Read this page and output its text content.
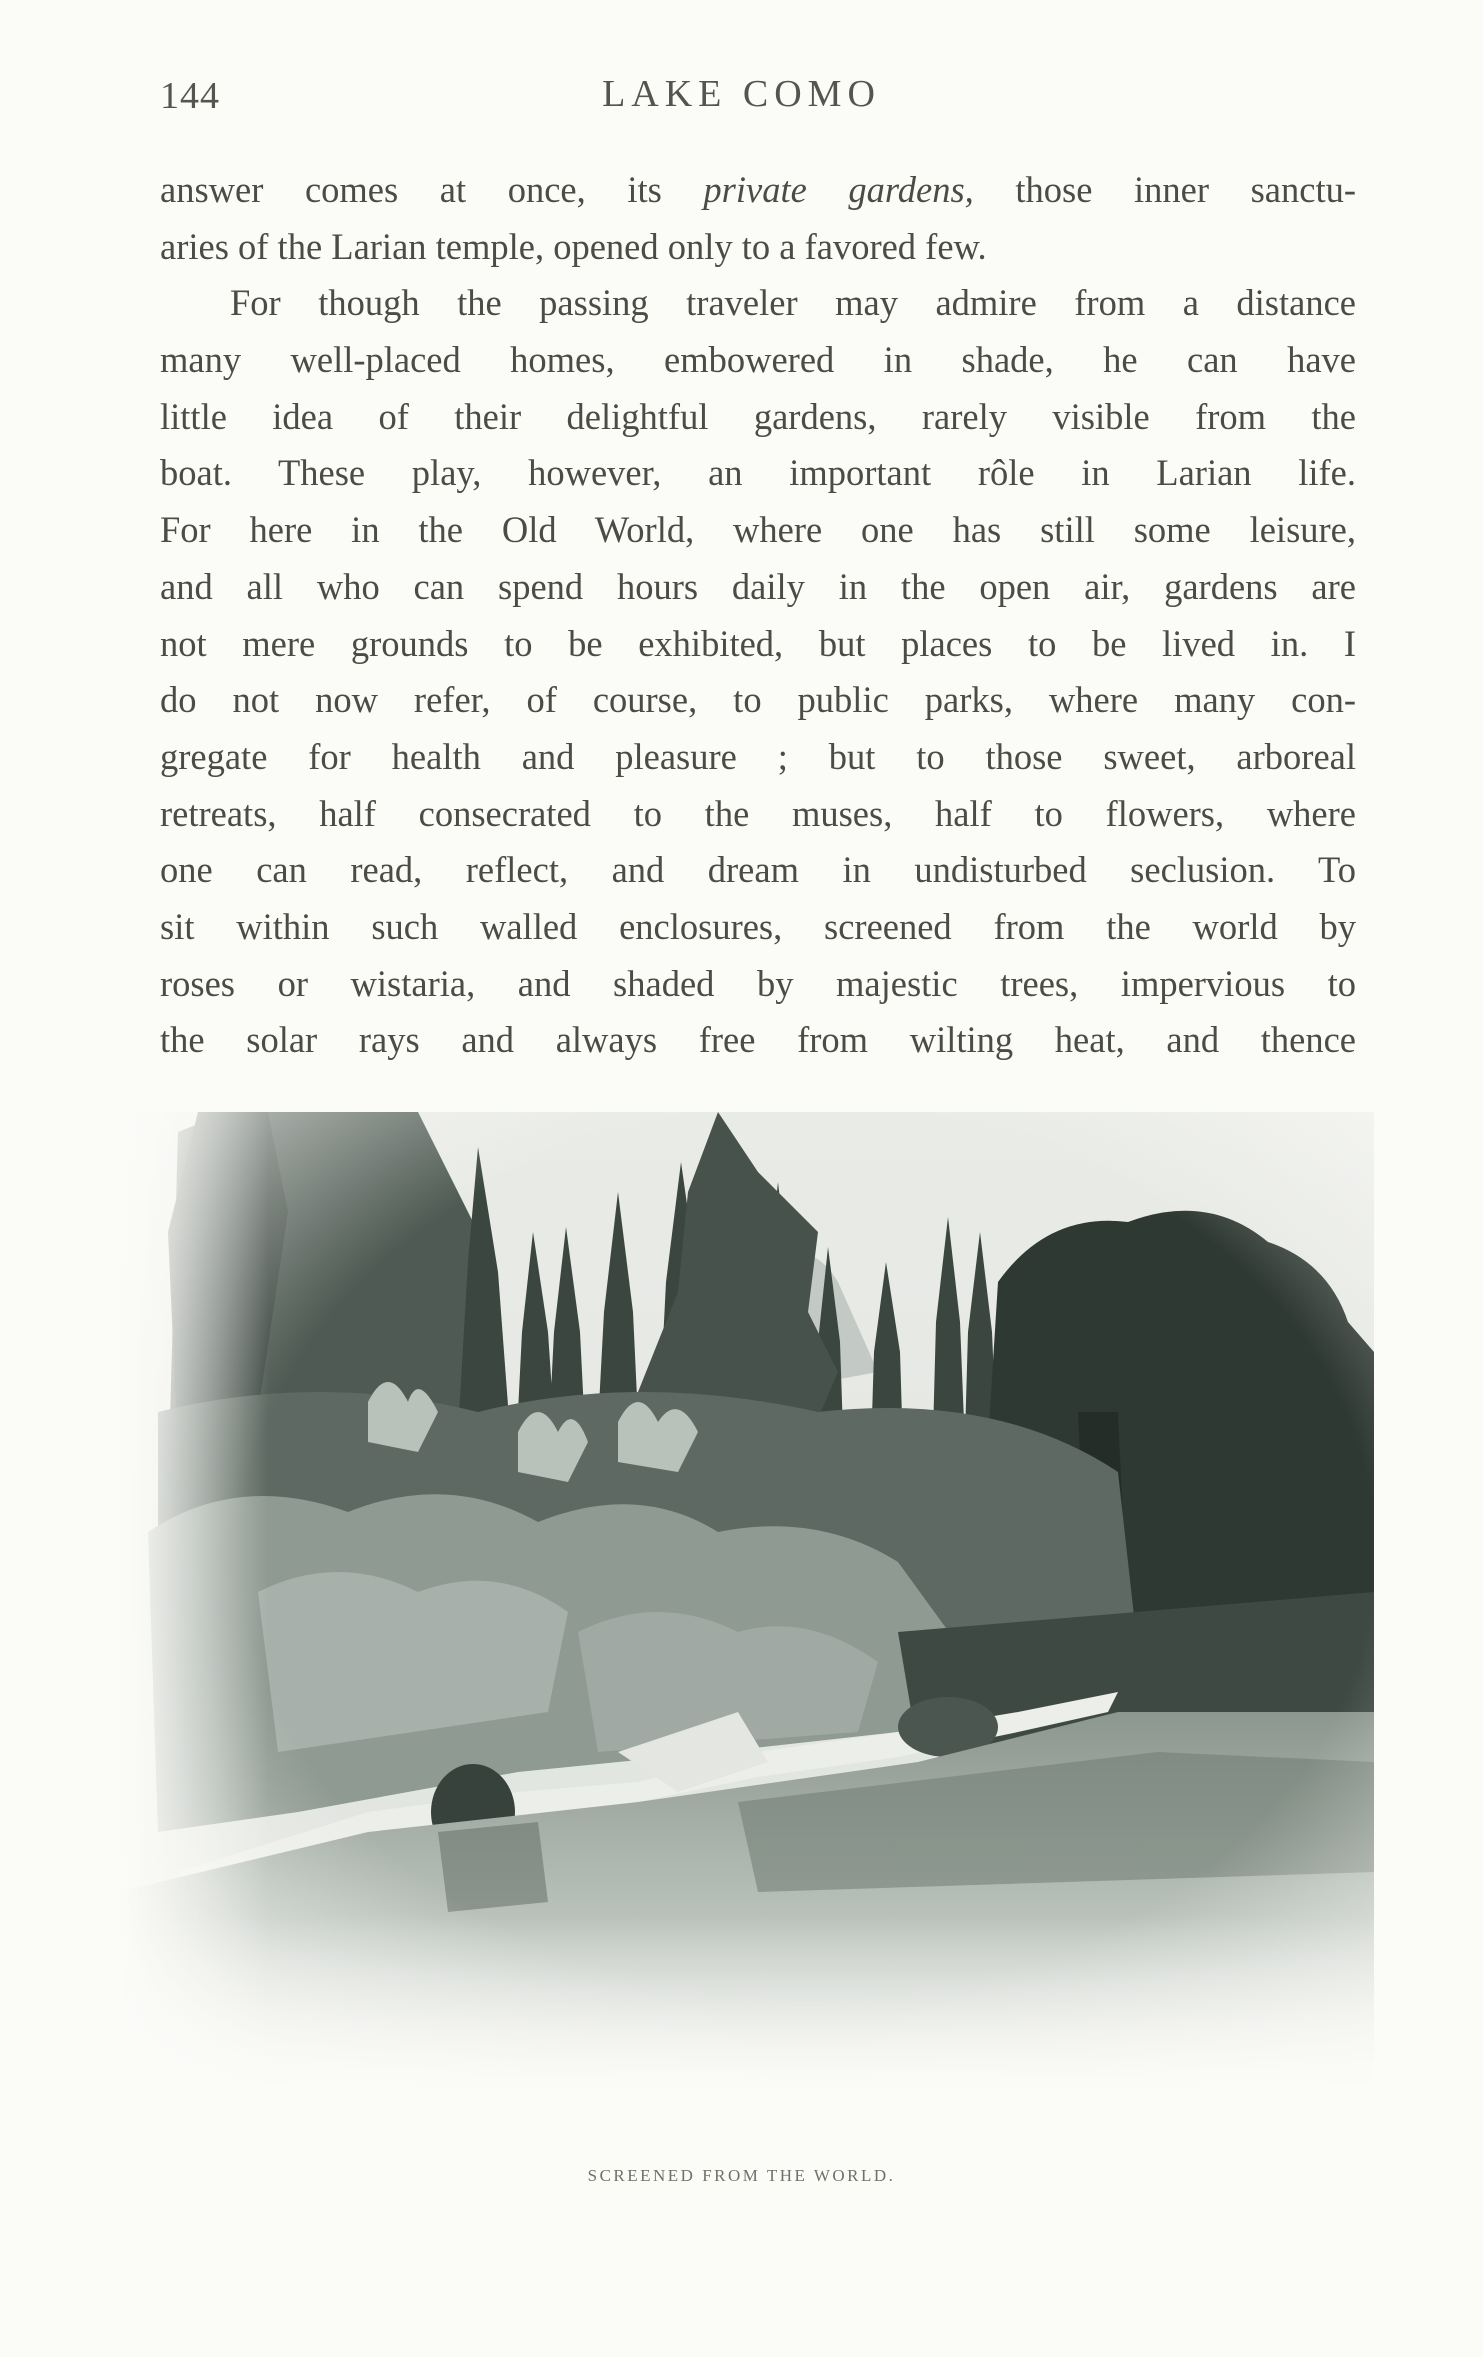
144	LAKE COMO
answer comes at once, its private gardens, those inner sanctu-
aries of the Larian temple, opened only to a favored few.
For though the passing traveler may admire from a distance
many well-placed homes, embowered in shade, he can have
little idea of their delightful gardens, rarely visible from the
boat. These play, however, an important rôle in Larian life.
For here in the Old World, where one has still some leisure,
and all who can spend hours daily in the open air, gardens are
not mere grounds to be exhibited, but places to be lived in. I
do not now refer, of course, to public parks, where many con-
gregate for health and pleasure ; but to those sweet, arboreal
retreats, half consecrated to the muses, half to flowers, where
one can read, reflect, and dream in undisturbed seclusion. To
sit within such walled enclosures, screened from the world by
roses or wistaria, and shaded by majestic trees, impervious to
the solar rays and always free from wilting heat, and thence
SCREENED FROM THE WORLD.
